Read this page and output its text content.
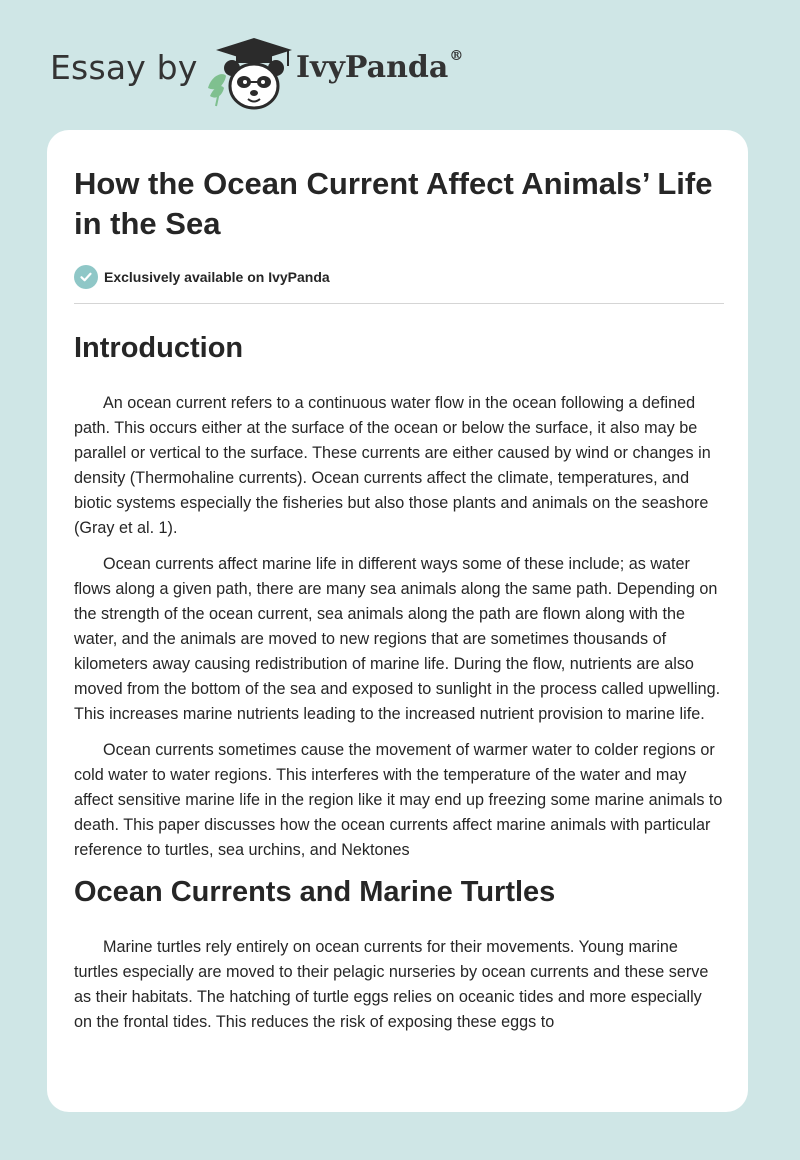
Essay by	IvyPanda®
How the Ocean Current Affect Animals’ Life in the Sea
Exclusively available on IvyPanda
Introduction

An ocean current refers to a continuous water flow in the ocean following a defined path. This occurs either at the surface of the ocean or below the surface, it also may be parallel or vertical to the surface. These currents are either caused by wind or changes in density (Thermohaline currents). Ocean currents affect the climate, temperatures, and biotic systems especially the fisheries but also those plants and animals on the seashore (Gray et al. 1).

Ocean currents affect marine life in different ways some of these include; as water flows along a given path, there are many sea animals along the same path. Depending on the strength of the ocean current, sea animals along the path are flown along with the water, and the animals are moved to new regions that are sometimes thousands of kilometers away causing redistribution of marine life. During the flow, nutrients are also moved from the bottom of the sea and exposed to sunlight in the process called upwelling. This increases marine nutrients leading to the increased nutrient provision to marine life.

Ocean currents sometimes cause the movement of warmer water to colder regions or cold water to water regions. This interferes with the temperature of the water and may affect sensitive marine life in the region like it may end up freezing some marine animals to death. This paper discusses how the ocean currents affect marine animals with particular reference to turtles, sea urchins, and Nektones

Ocean Currents and Marine Turtles

Marine turtles rely entirely on ocean currents for their movements. Young marine turtles especially are moved to their pelagic nurseries by ocean currents and these serve as their habitats. The hatching of turtle eggs relies on oceanic tides and more especially on the frontal tides. This reduces the risk of exposing these eggs to
